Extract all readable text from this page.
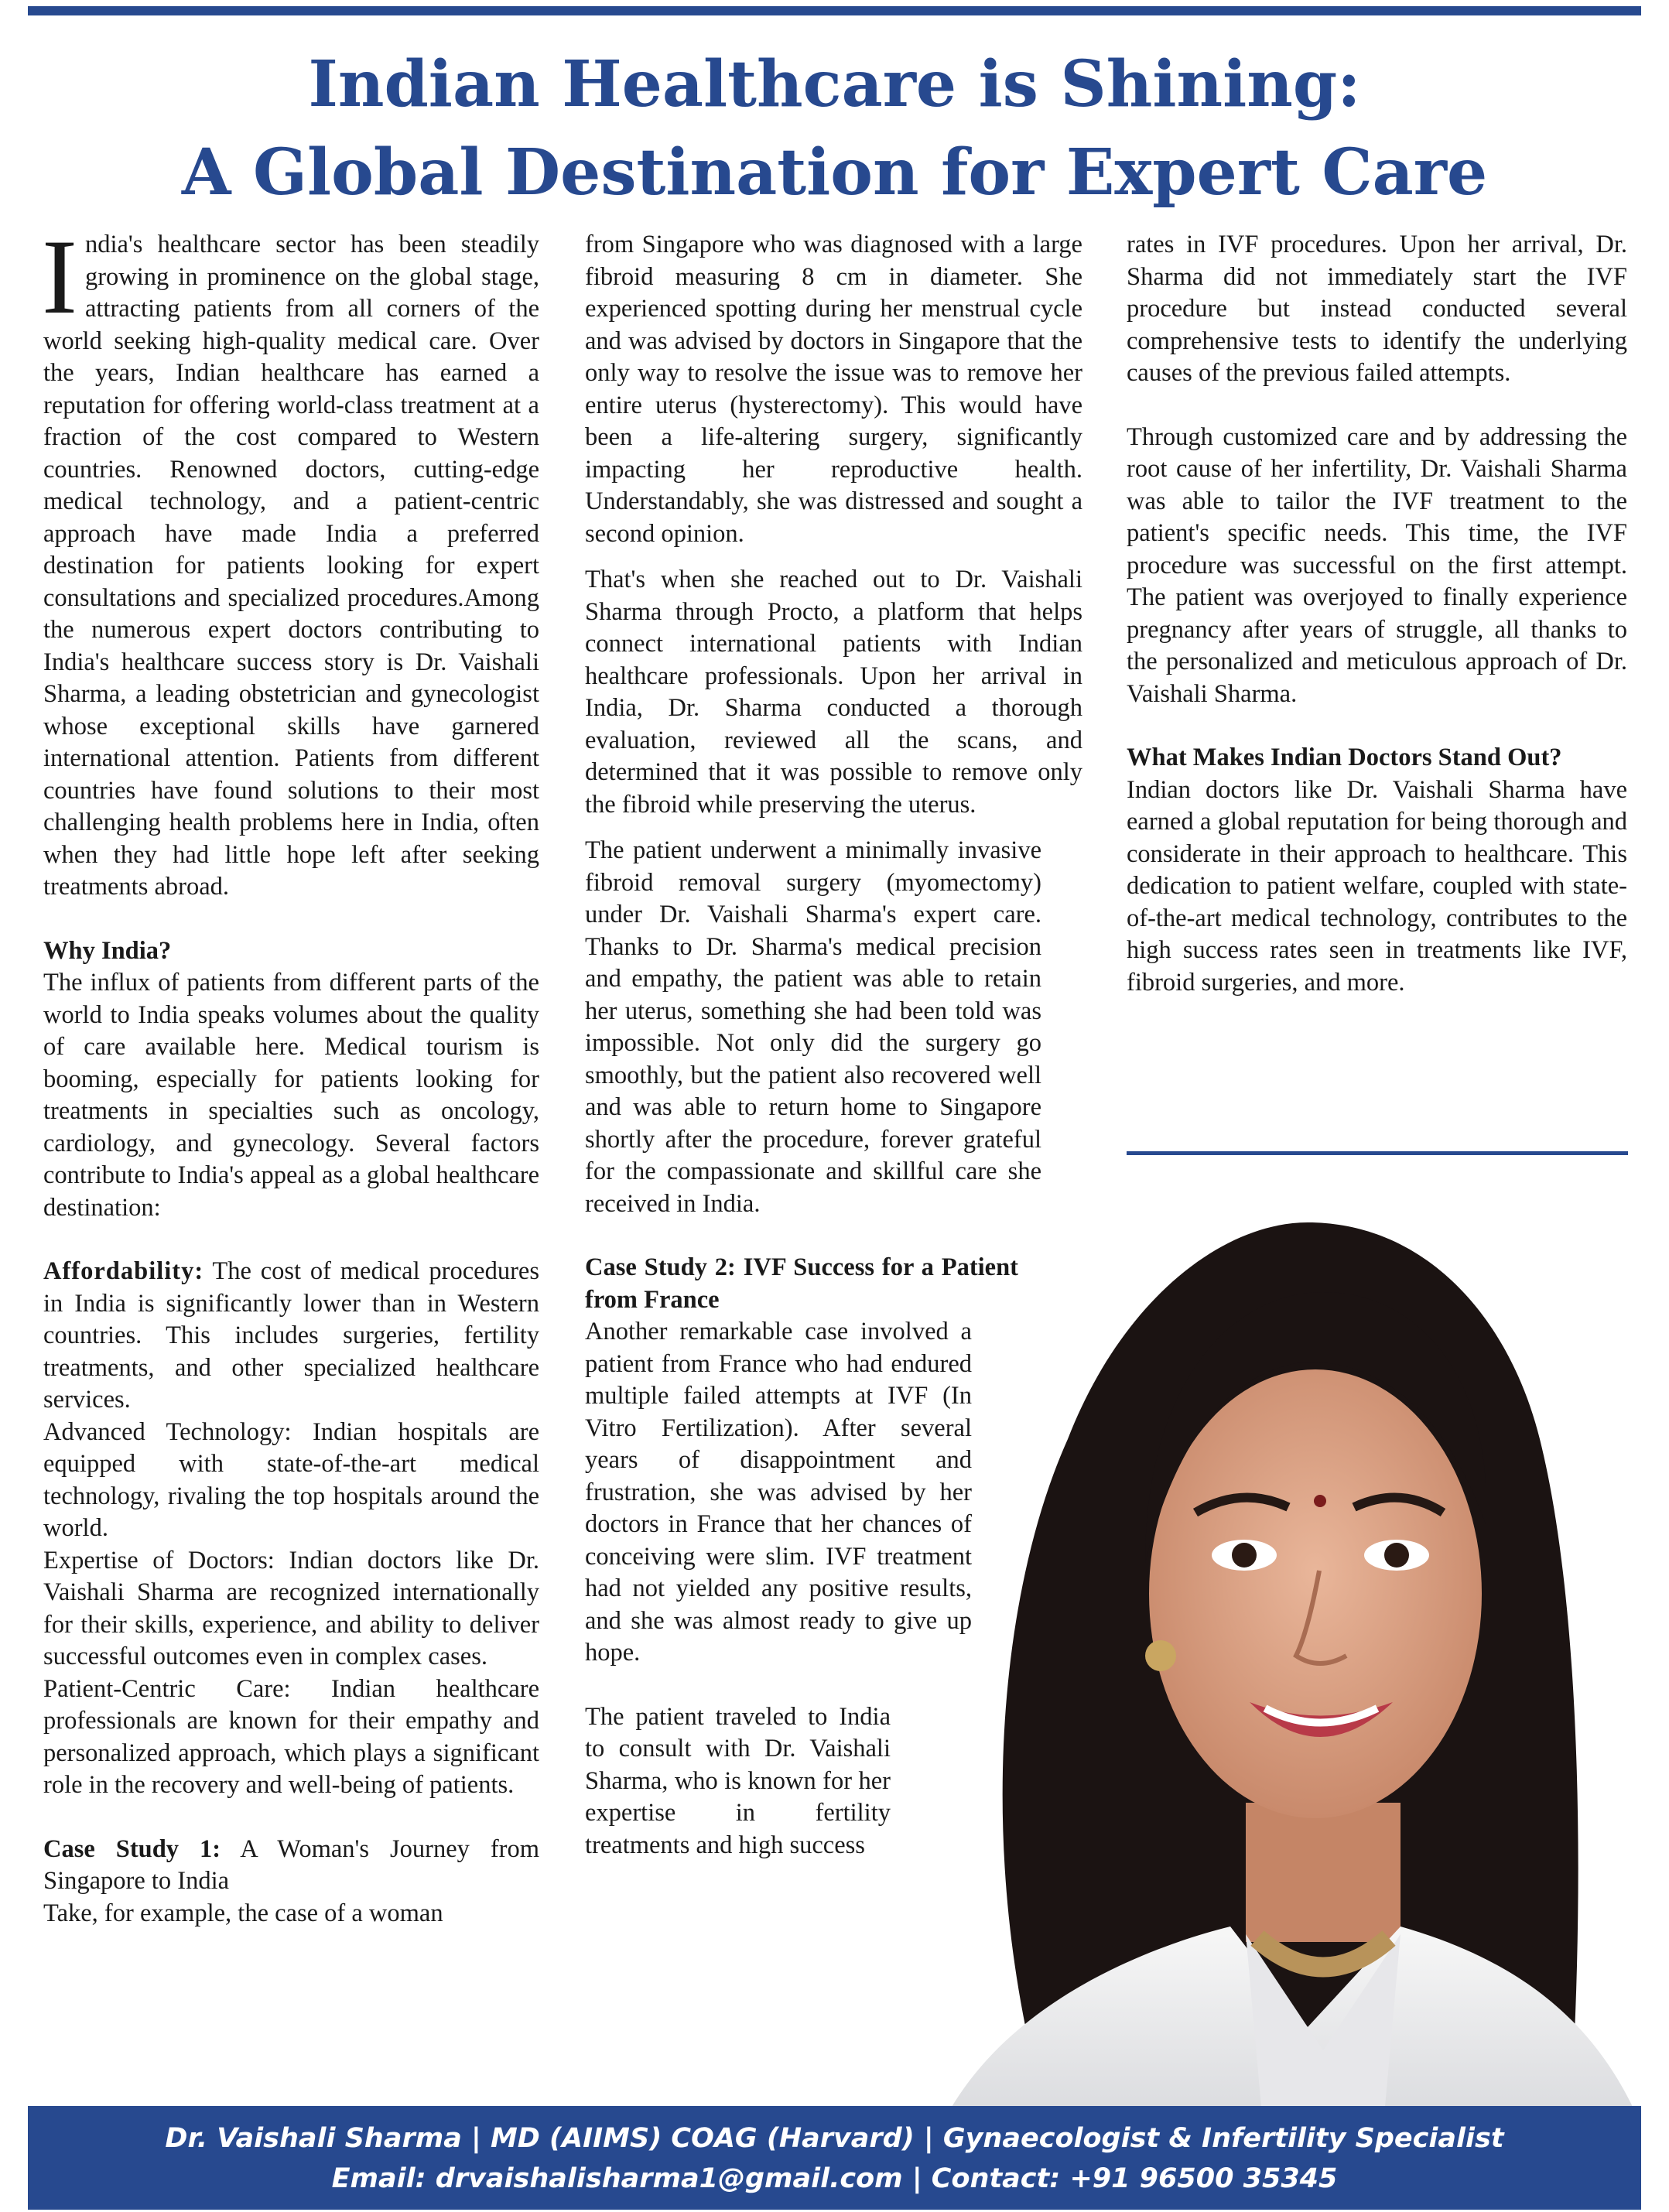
Indian Healthcare is Shining:
A Global Destination for Expert Care

India's healthcare sector has been steadily growing in prominence on the global stage, attracting patients from all corners of the world seeking high-quality medical care. Over the years, Indian healthcare has earned a reputation for offering world-class treatment at a fraction of the cost compared to Western countries. Renowned doctors, cutting-edge medical technology, and a patient-centric approach have made India a preferred destination for patients looking for expert consultations and specialized procedures.Among the numerous expert doctors contributing to India's healthcare success story is Dr. Vaishali Sharma, a leading obstetrician and gynecologist whose exceptional skills have garnered international attention. Patients from different countries have found solutions to their most challenging health problems here in India, often when they had little hope left after seeking treatments abroad.

Why India?
The influx of patients from different parts of the world to India speaks volumes about the quality of care available here. Medical tourism is booming, especially for patients looking for treatments in specialties such as oncology, cardiology, and gynecology. Several factors contribute to India's appeal as a global healthcare destination:

Affordability: The cost of medical procedures in India is significantly lower than in Western countries. This includes surgeries, fertility treatments, and other specialized healthcare services.

Advanced Technology: Indian hospitals are equipped with state-of-the-art medical technology, rivaling the top hospitals around the world.

Expertise of Doctors: Indian doctors like Dr. Vaishali Sharma are recognized internationally for their skills, experience, and ability to deliver successful outcomes even in complex cases.

Patient-Centric Care: Indian healthcare professionals are known for their empathy and personalized approach, which plays a significant role in the recovery and well-being of patients.

Case Study 1: A Woman's Journey from Singapore to India

Take, for example, the case of a woman

from Singapore who was diagnosed with a large fibroid measuring 8 cm in diameter. She experienced spotting during her menstrual cycle and was advised by doctors in Singapore that the only way to resolve the issue was to remove her entire uterus (hysterectomy). This would have been a life-altering surgery, significantly impacting her reproductive health. Understandably, she was distressed and sought a second opinion.

That's when she reached out to Dr. Vaishali Sharma through Procto, a platform that helps connect international patients with Indian healthcare professionals. Upon her arrival in India, Dr. Sharma conducted a thorough evaluation, reviewed all the scans, and determined that it was possible to remove only the fibroid while preserving the uterus.

The patient underwent a minimally invasive fibroid removal surgery (myomectomy) under Dr. Vaishali Sharma's expert care. Thanks to Dr. Sharma's medical precision and empathy, the patient was able to retain her uterus, something she had been told was impossible. Not only did the surgery go smoothly, but the patient also recovered well and was able to return home to Singapore shortly after the procedure, forever grateful for the compassionate and skillful care she received in India.

Case Study 2: IVF Success for a Patient from France

Another remarkable case involved a patient from France who had endured multiple failed attempts at IVF (In Vitro Fertilization). After several years of disappointment and frustration, she was advised by her doctors in France that her chances of conceiving were slim. IVF treatment had not yielded any positive results, and she was almost ready to give up hope.

The patient traveled to India to consult with Dr. Vaishali Sharma, who is known for her expertise in fertility treatments and high success

rates in IVF procedures. Upon her arrival, Dr. Sharma did not immediately start the IVF procedure but instead conducted several comprehensive tests to identify the underlying causes of the previous failed attempts.

Through customized care and by addressing the root cause of her infertility, Dr. Vaishali Sharma was able to tailor the IVF treatment to the patient's specific needs. This time, the IVF procedure was successful on the first attempt. The patient was overjoyed to finally experience pregnancy after years of struggle, all thanks to the personalized and meticulous approach of Dr. Vaishali Sharma.

What Makes Indian Doctors Stand Out?
Indian doctors like Dr. Vaishali Sharma have earned a global reputation for being thorough and considerate in their approach to healthcare. This dedication to patient welfare, coupled with state-of-the-art medical technology, contributes to the high success rates seen in treatments like IVF, fibroid surgeries, and more.

Dr. Vaishali Sharma | MD (AIIMS) COAG (Harvard) | Gynaecologist & Infertility Specialist
Email: drvaishalisharma1@gmail.com | Contact: +91 96500 35345
